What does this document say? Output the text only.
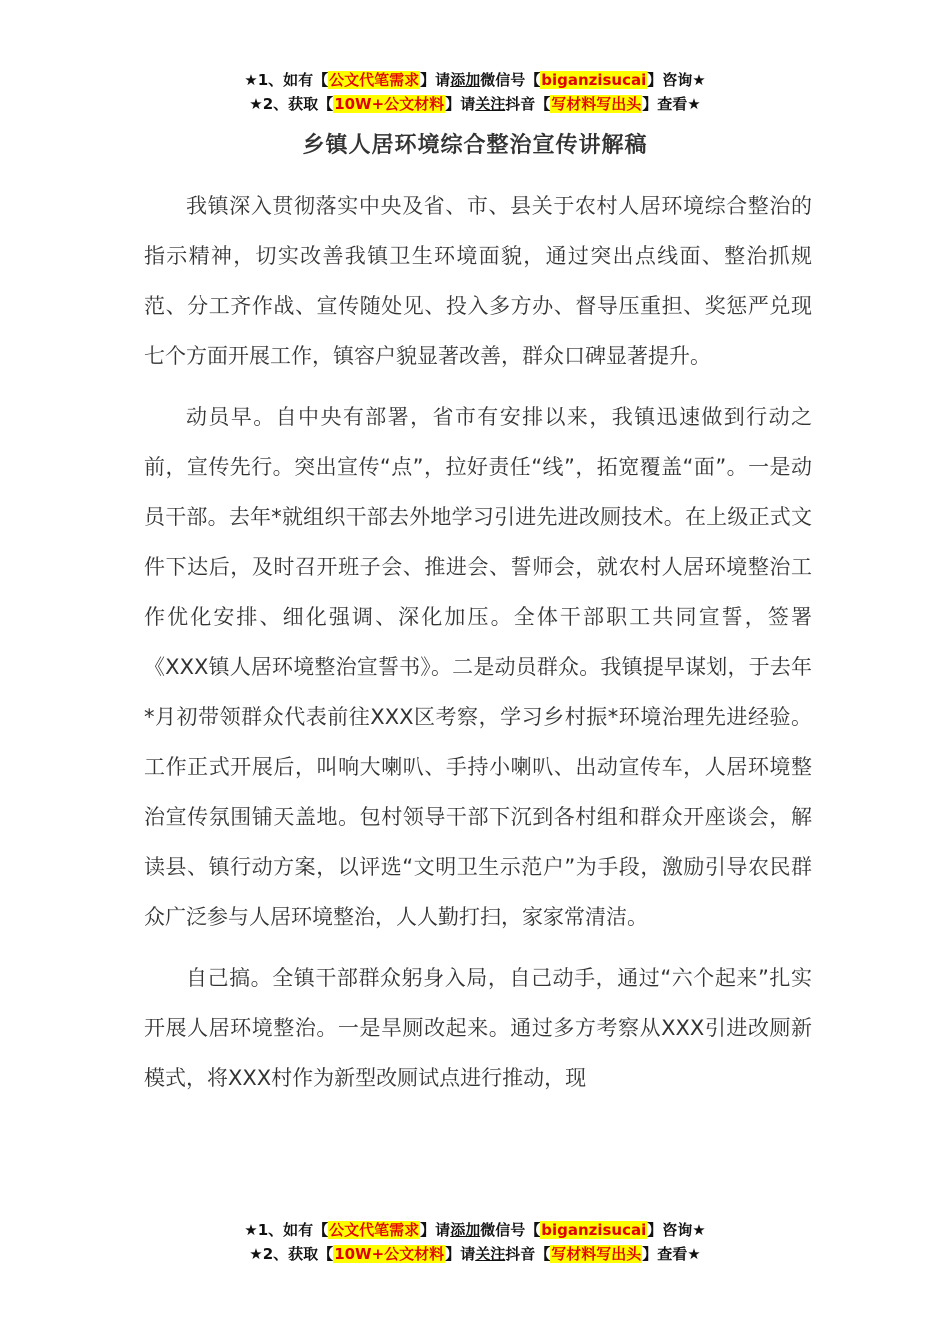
★1、如有【公文代笔需求】请添加微信号【biganzisucai】咨询★
★2、获取【10W+公文材料】请关注抖音【写材料写出头】查看★
乡镇人居环境综合整治宣传讲解稿

我镇深入贯彻落实中央及省、市、县关于农村人居环境综合整治的指示精神，切实改善我镇卫生环境面貌，通过突出点线面、整治抓规范、分工齐作战、宣传随处见、投入多方办、督导压重担、奖惩严兑现七个方面开展工作，镇容户貌显著改善，群众口碑显著提升。

动员早。自中央有部署，省市有安排以来，我镇迅速做到行动之前，宣传先行。突出宣传“点”，拉好责任“线”，拓宽覆盖“面”。一是动员干部。去年*就组织干部去外地学习引进先进改厕技术。在上级正式文件下达后，及时召开班子会、推进会、誓师会，就农村人居环境整治工作优化安排、细化强调、深化加压。全体干部职工共同宣誓，签署《XXX镇人居环境整治宣誓书》。二是动员群众。我镇提早谋划，于去年*月初带领群众代表前往XXX区考察，学习乡村振*环境治理先进经验。工作正式开展后，叫响大喇叭、手持小喇叭、出动宣传车，人居环境整治宣传氛围铺天盖地。包村领导干部下沉到各村组和群众开座谈会，解读县、镇行动方案，以评选“文明卫生示范户”为手段，激励引导农民群众广泛参与人居环境整治，人人勤打扫，家家常清洁。

自己搞。全镇干部群众躬身入局，自己动手，通过“六个起来”扎实开展人居环境整治。一是旱厕改起来。通过多方考察从XXX引进改厕新模式，将XXX村作为新型改厕试点进行推动，现

★1、如有【公文代笔需求】请添加微信号【biganzisucai】咨询★
★2、获取【10W+公文材料】请关注抖音【写材料写出头】查看★
